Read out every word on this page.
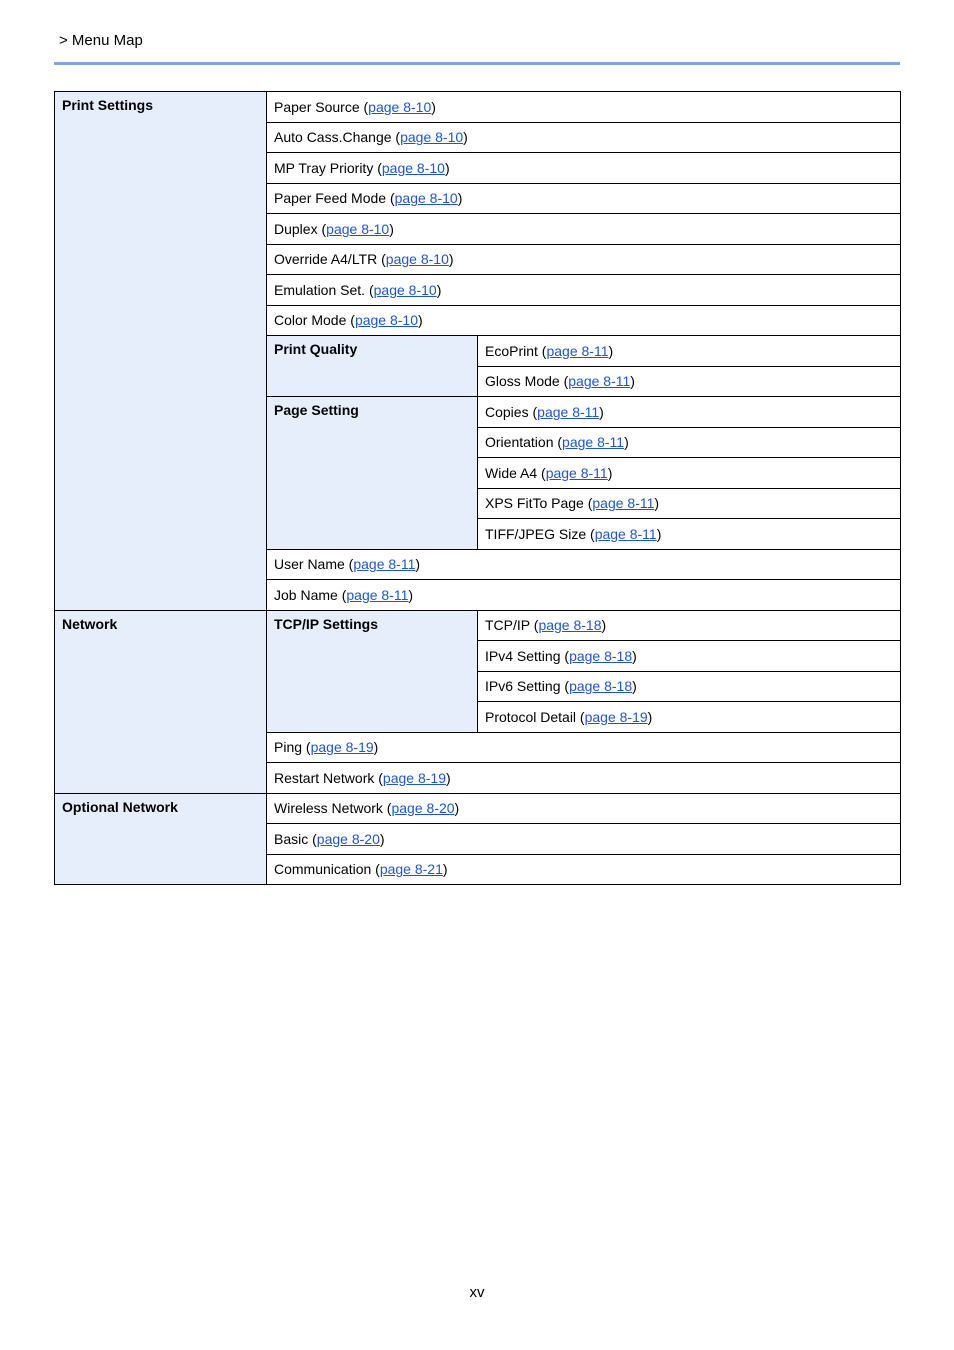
> Menu Map
Print Settings	Paper Source (page 8-10)	
	Auto Cass.Change (page 8-10)	
	MP Tray Priority (page 8-10)	
	Paper Feed Mode (page 8-10)	
	Duplex (page 8-10)	
	Override A4/LTR (page 8-10)	
	Emulation Set. (page 8-10)	
	Color Mode (page 8-10)	
	Print Quality	EcoPrint (page 8-11)
		Gloss Mode (page 8-11)
	Page Setting	Copies (page 8-11)
		Orientation (page 8-11)
		Wide A4 (page 8-11)
		XPS FitTo Page (page 8-11)
		TIFF/JPEG Size (page 8-11)
	User Name (page 8-11)	
	Job Name (page 8-11)	
Network	TCP/IP Settings	TCP/IP (page 8-18)
		IPv4 Setting (page 8-18)
		IPv6 Setting (page 8-18)
		Protocol Detail (page 8-19)
	Ping (page 8-19)	
	Restart Network (page 8-19)	
Optional Network	Wireless Network (page 8-20)	
	Basic (page 8-20)	
	Communication (page 8-21)	
xv
